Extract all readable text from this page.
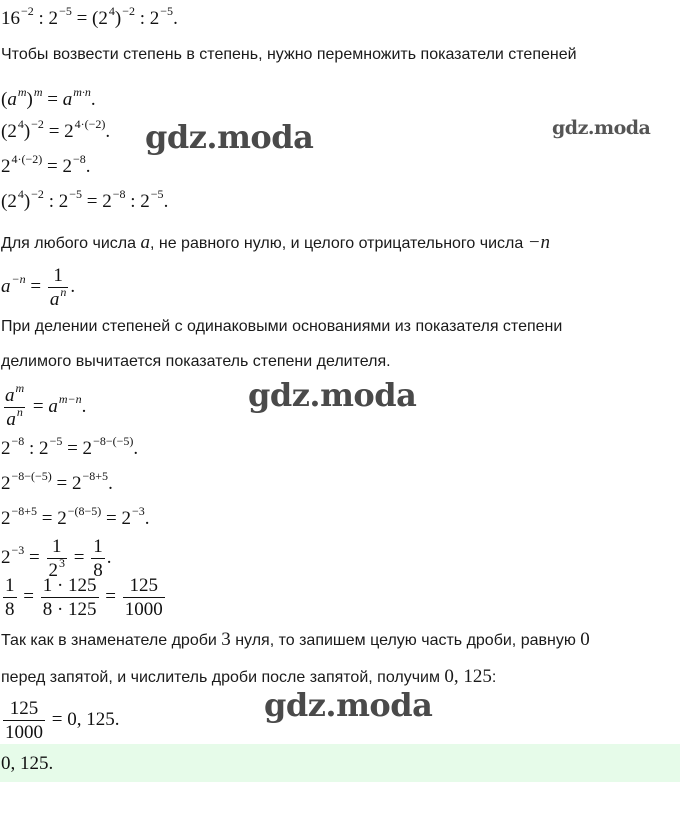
$16^{-2}$ : $2^{-5} = (2^4)^{-2}$ : $2^{-5}$.
Чтобы возвести степень в степень, нужно перемножить показатели степеней
$(a^m)^m = a^{m\cdot n}$.
$(2^4)^{-2} = 2^{4\cdot(-2)}$.
$2^{4\cdot(-2)} = 2^{-8}$.
$(2^4)^{-2}$ : $2^{-5} = 2^{-8}$ : $2^{-5}$.
Для любого числа a, не равного нулю, и целого отрицательного числа −n
$a^{-n} = \frac{1}{a^n}$ .
При делении степеней с одинаковыми основаниями из показателя степени
делимого вычитается показатель степени делителя.
$\frac{a^m}{a^n} = a^{m-n}$.
$2^{-8}$ : $2^{-5} = 2^{-8-(-5)}$.
$2^{-8-(-5)} = 2^{-8+5}$.
$2^{-8+5} = 2^{-(8-5)} = 2^{-3}$.
$2^{-3} = \frac{1}{2^3} = \frac{1}{8}$ .
$\frac{1}{8} = \frac{1 \cdot 125}{8 \cdot 125} = \frac{125}{1000}$
Так как в знаменателе дроби 3 нуля, то запишем целую часть дроби, равную 0
перед запятой, и числитель дроби после запятой, получим 0, 125:
$\frac{125}{1000} = 0$, 125.
0, 125.
gdz.moda	gdz.moda
gdz.moda
gdz.moda
